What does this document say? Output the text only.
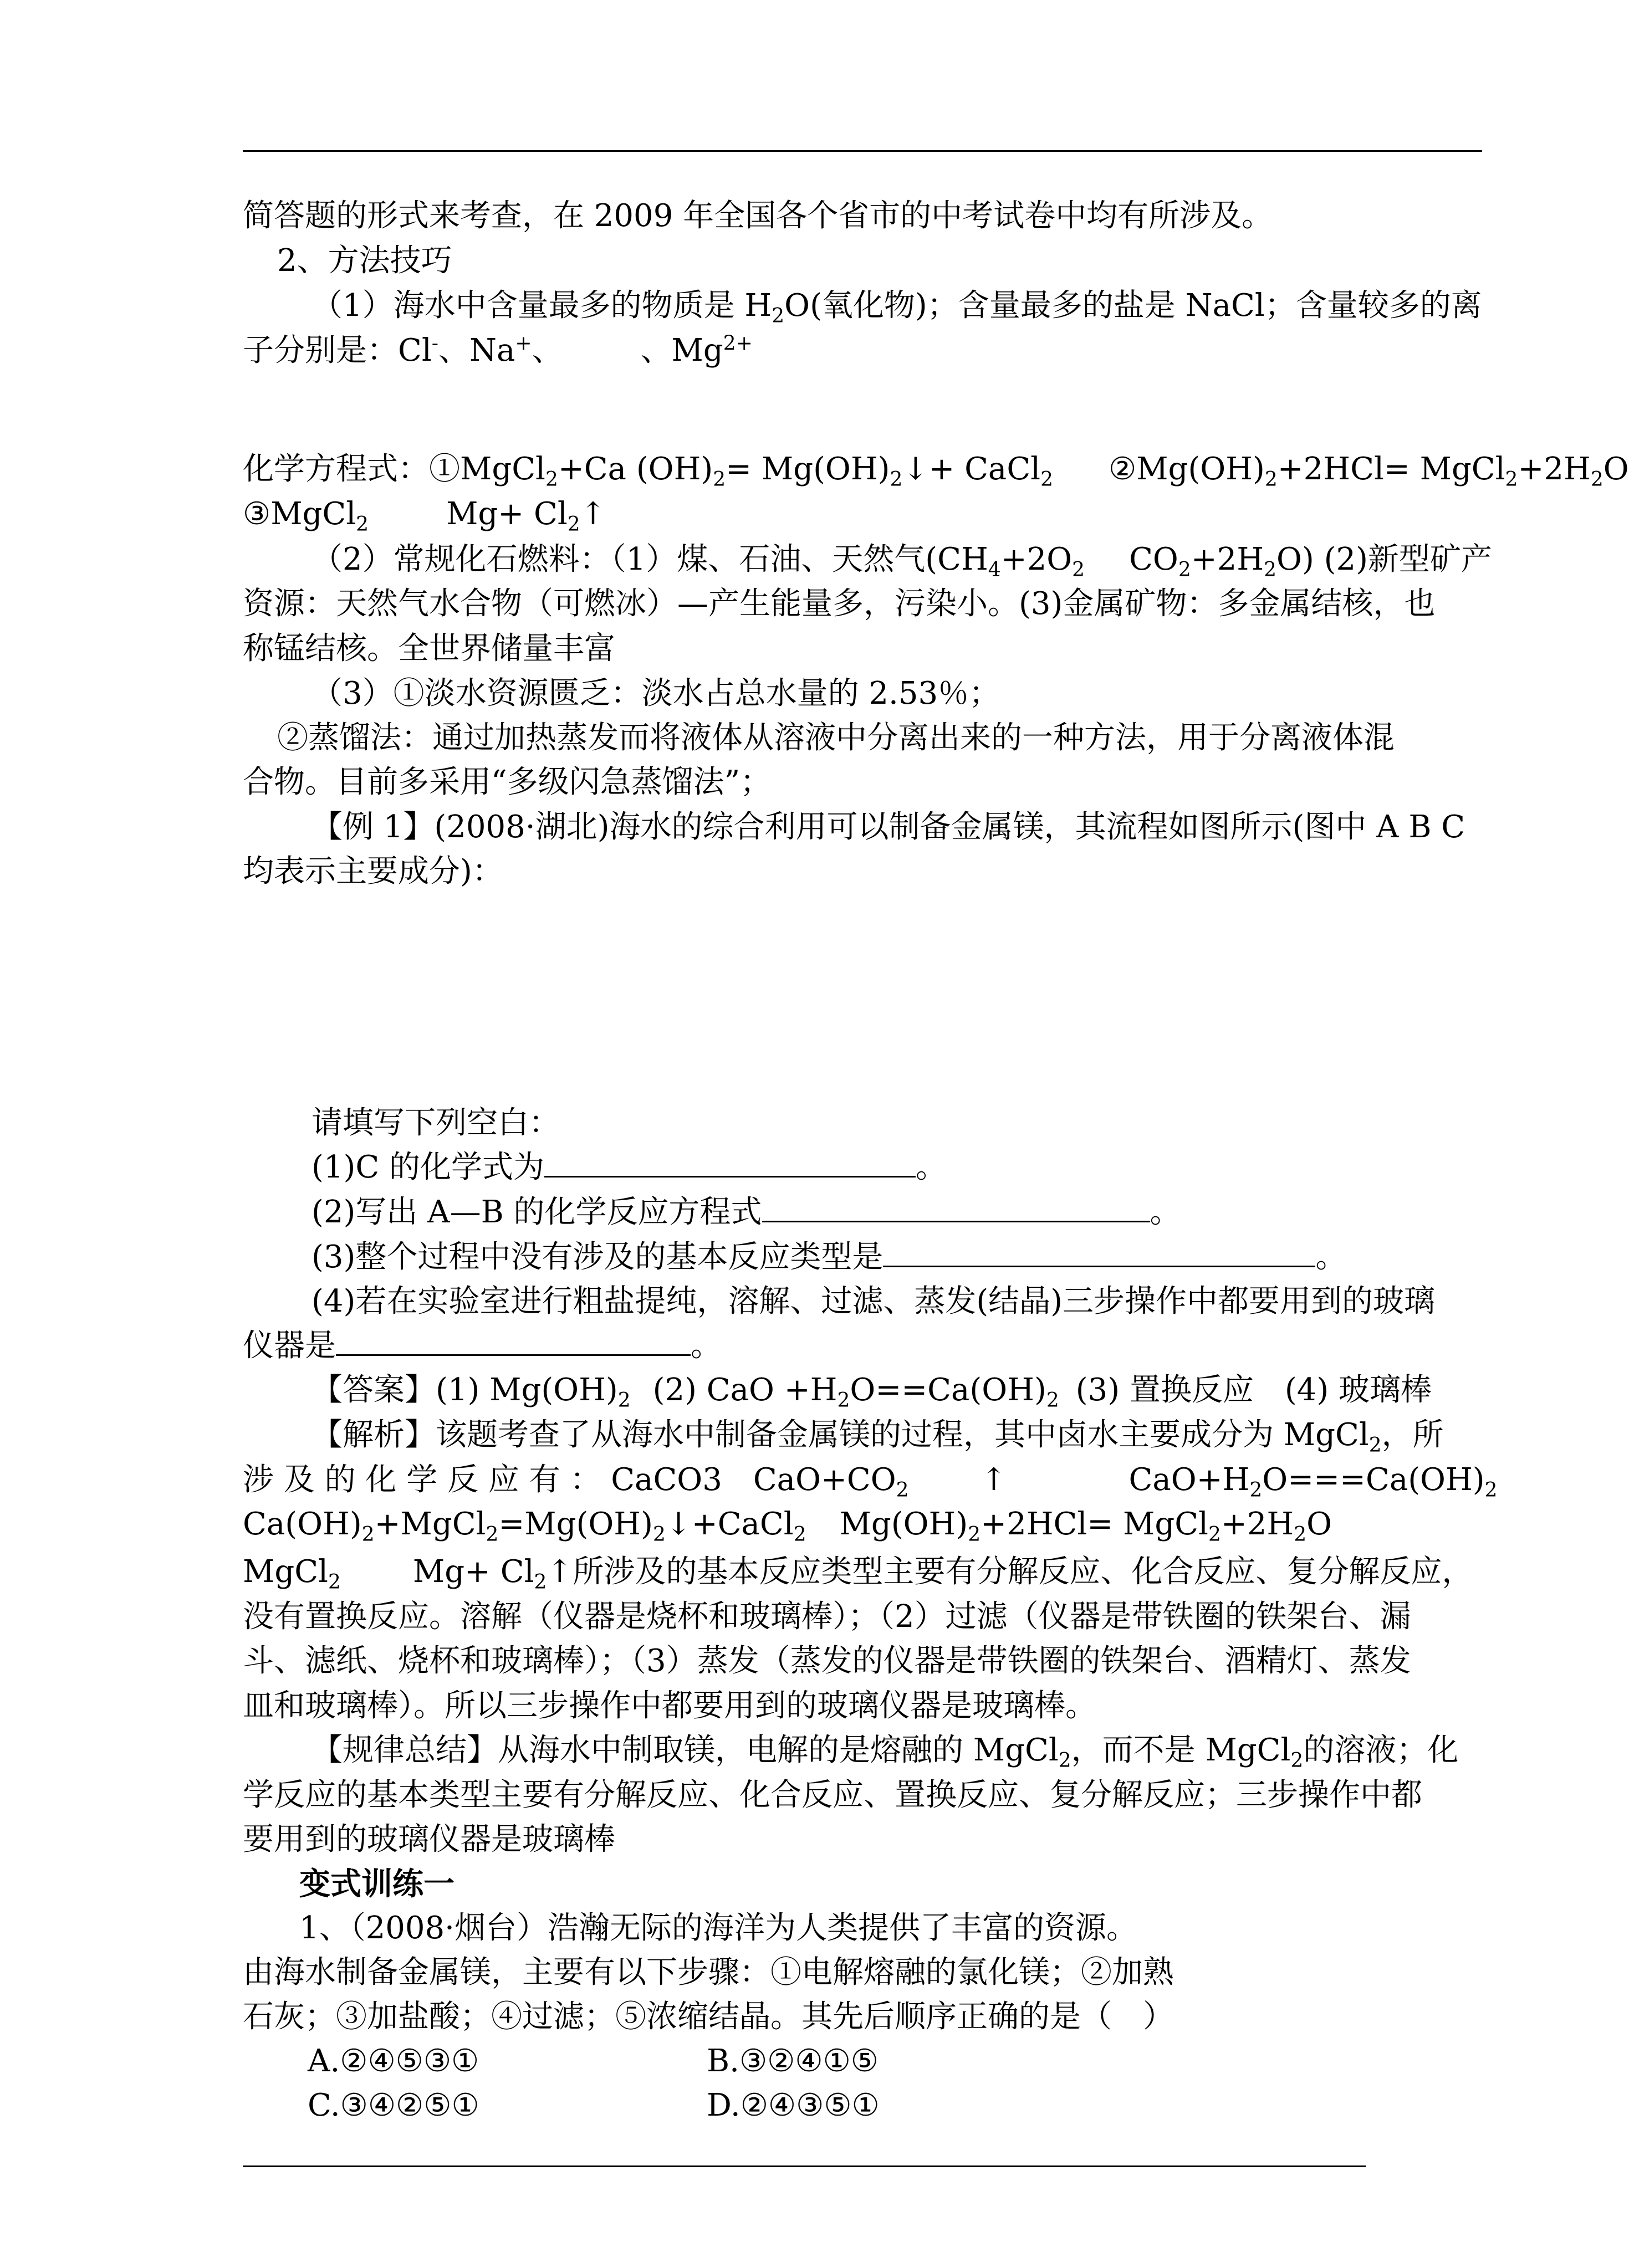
简答题的形式来考查，在 2009 年全国各个省市的中考试卷中均有所涉及。
2、方法技巧
（1）海水中含量最多的物质是 $H_2O$(氧化物)；含量最多的盐是 NaCl；含量较多的离
子分别是：Cl-、Na+、	、$Mg^{2+}$
化学方程式：①MgCl$_2$+Ca $(OH)_2=$ $Mg(OH)_2↓+$ CaCl$_2$ $②Mg(OH)_2+2HCl=$ $MgCl_2+2H_2O$
③MgCl$_2$	$Mg+ Cl_2↑$
（2）常规化石燃料：（1）煤、石油、天然气($CH_4+2O_2$ $CO_2+2H_2O$) (2)新型矿产
资源：天然气水合物（可燃冰）—产生能量多，污染小。(3)金属矿物：多金属结核，也
称锰结核。全世界储量丰富
（3）①淡水资源匮乏：淡水占总水量的 2.53％；
②蒸馏法：通过加热蒸发而将液体从溶液中分离出来的一种方法，用于分离液体混
合物。目前多采用“多级闪急蒸馏法”；
【例 1】(2008·湖北)海水的综合利用可以制备金属镁，其流程如图所示(图中 A B C
均表示主要成分)：
请填写下列空白：
(1)C 的化学式为	。
(2)写出 A—B 的化学反应方程式	。
(3)整个过程中没有涉及的基本反应类型是	。
(4)若在实验室进行粗盐提纯，溶解、过滤、蒸发(结晶)三步操作中都要用到的玻璃
仪器是	。
【答案】(1) $Mg(OH)_2$ (2) CaO $+H_2O==Ca(OH)_2$ (3) 置换反应　(4) 玻璃棒
【解析】该题考查了从海水中制备金属镁的过程，其中卤水主要成分为 MgCl$_2$，所
涉 及 的 化 学 反 应 有 ： CaCO3　$CaO+CO_2$ ↑	$CaO+H_2O===Ca(OH)_2$
$Ca(OH)_2+MgCl_2=Mg(OH)_2↓+CaCl_2$ $Mg(OH)_2+2HCl=$ $MgCl_2+2H_2O$
MgCl$_2$ $Mg+ Cl_2↑$所涉及的基本反应类型主要有分解反应、化合反应、复分解反应，
没有置换反应。溶解（仪器是烧杯和玻璃棒）；（2）过滤（仪器是带铁圈的铁架台、漏
斗、滤纸、烧杯和玻璃棒）；（3）蒸发（蒸发的仪器是带铁圈的铁架台、酒精灯、蒸发
皿和玻璃棒）。所以三步操作中都要用到的玻璃仪器是玻璃棒。
【规律总结】从海水中制取镁，电解的是熔融的 MgCl$_2$，而不是 MgCl$_2$的溶液；化
学反应的基本类型主要有分解反应、化合反应、置换反应、复分解反应；三步操作中都
要用到的玻璃仪器是玻璃棒
变式训练一
1、（2008·烟台）浩瀚无际的海洋为人类提供了丰富的资源。
由海水制备金属镁，主要有以下步骤：①电解熔融的氯化镁；②加熟
石灰；③加盐酸；④过滤；⑤浓缩结晶。其先后顺序正确的是（　）
A.②④⑤③①	B.③②④①⑤
C.③④②⑤①	D.②④③⑤①
